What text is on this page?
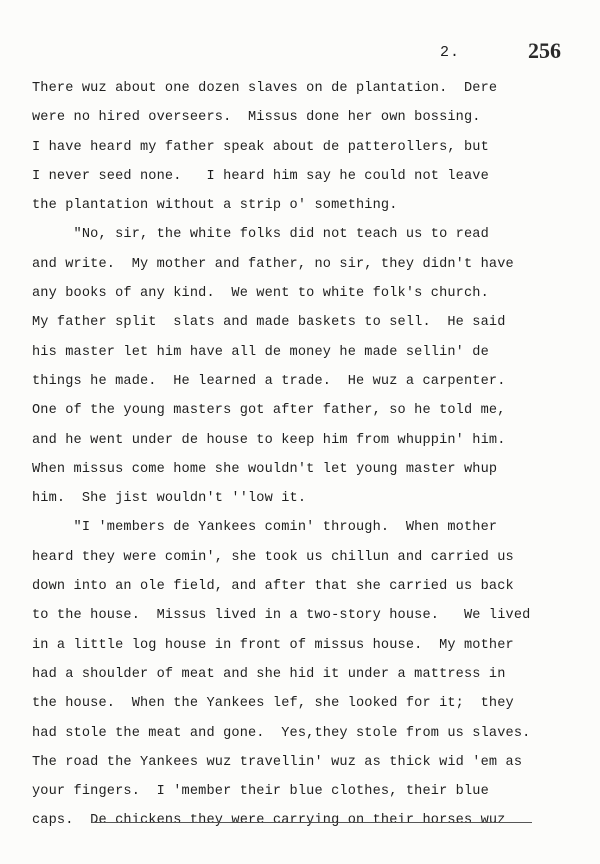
2.	256
There wuz about one dozen slaves on de plantation.  Dere
were no hired overseers.  Missus done her own bossing.
I have heard my father speak about de patterollers, but
I never seed none.   I heard him say he could not leave
the plantation without a strip o' something.
"No, sir, the white folks did not teach us to read
and write.  My mother and father, no sir, they didn't have
any books of any kind.  We went to white folk's church.
My father split  slats and made baskets to sell.  He said
his master let him have all de money he made sellin' de
things he made.  He learned a trade.  He wuz a carpenter.
One of the young masters got after father, so he told me,
and he went under de house to keep him from whuppin' him.
When missus come home she wouldn't let young master whup
him.  She jist wouldn't ''low it.
"I 'members de Yankees comin' through.  When mother
heard they were comin', she took us chillun and carried us
down into an ole field, and after that she carried us back
to the house.  Missus lived in a two-story house.   We lived
in a little log house in front of missus house.  My mother
had a shoulder of meat and she hid it under a mattress in
the house.  When the Yankees lef, she looked for it;  they
had stole the meat and gone.  Yes,they stole from us slaves.
The road the Yankees wuz travellin' wuz as thick wid 'em as
your fingers.  I 'member their blue clothes, their blue
caps.  De chickens they were carrying on their horses wuz
